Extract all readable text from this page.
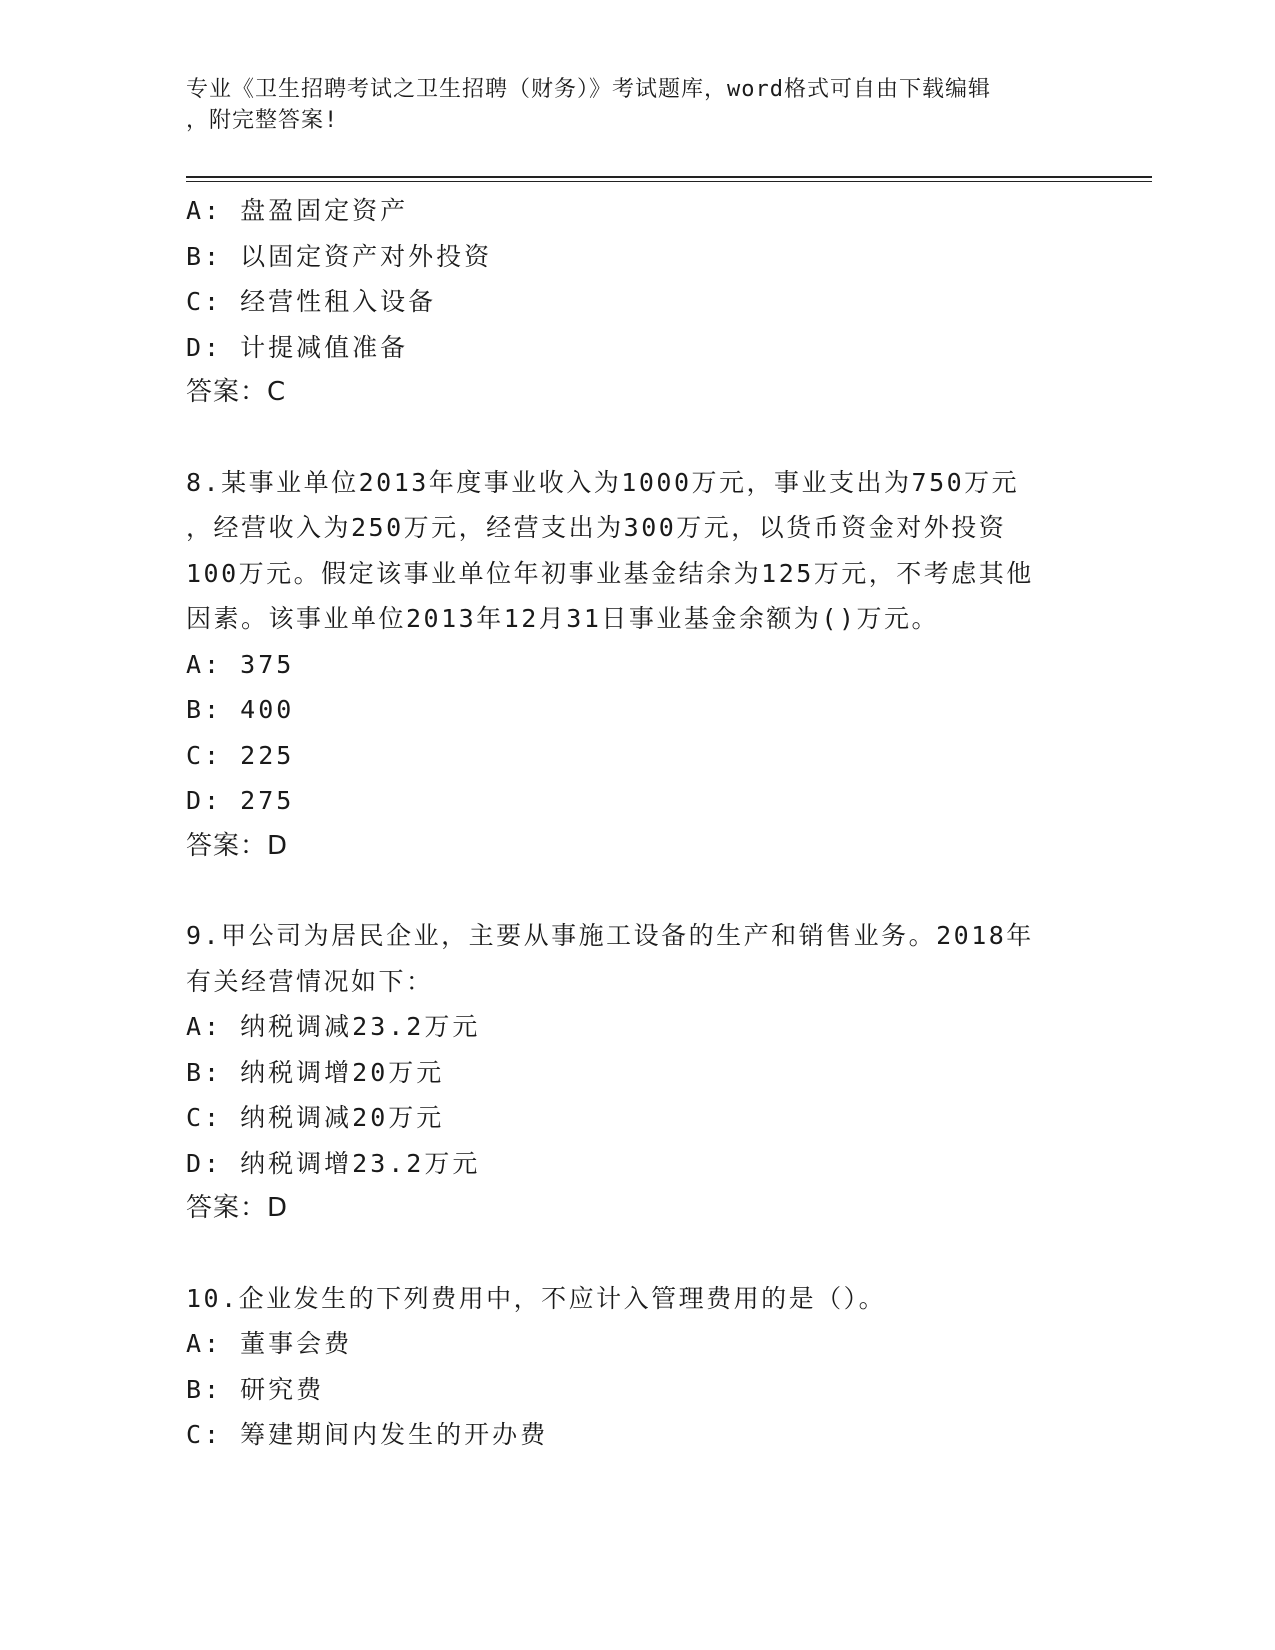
专业《卫生招聘考试之卫生招聘（财务）》考试题库，word格式可自由下载编辑
，附完整答案!
A: 盘盈固定资产
B: 以固定资产对外投资
C: 经营性租入设备
D: 计提减值准备
答案：C
8.某事业单位2013年度事业收入为1000万元，事业支出为750万元
，经营收入为250万元，经营支出为300万元，以货币资金对外投资
100万元。假定该事业单位年初事业基金结余为125万元，不考虑其他
因素。该事业单位2013年12月31日事业基金余额为()万元。
A: 375
B: 400
C: 225
D: 275
答案：D
9.甲公司为居民企业，主要从事施工设备的生产和销售业务。2018年
有关经营情况如下：
A: 纳税调减23.2万元
B: 纳税调增20万元
C: 纳税调减20万元
D: 纳税调增23.2万元
答案：D
10.企业发生的下列费用中，不应计入管理费用的是（）。
A: 董事会费
B: 研究费
C: 筹建期间内发生的开办费
